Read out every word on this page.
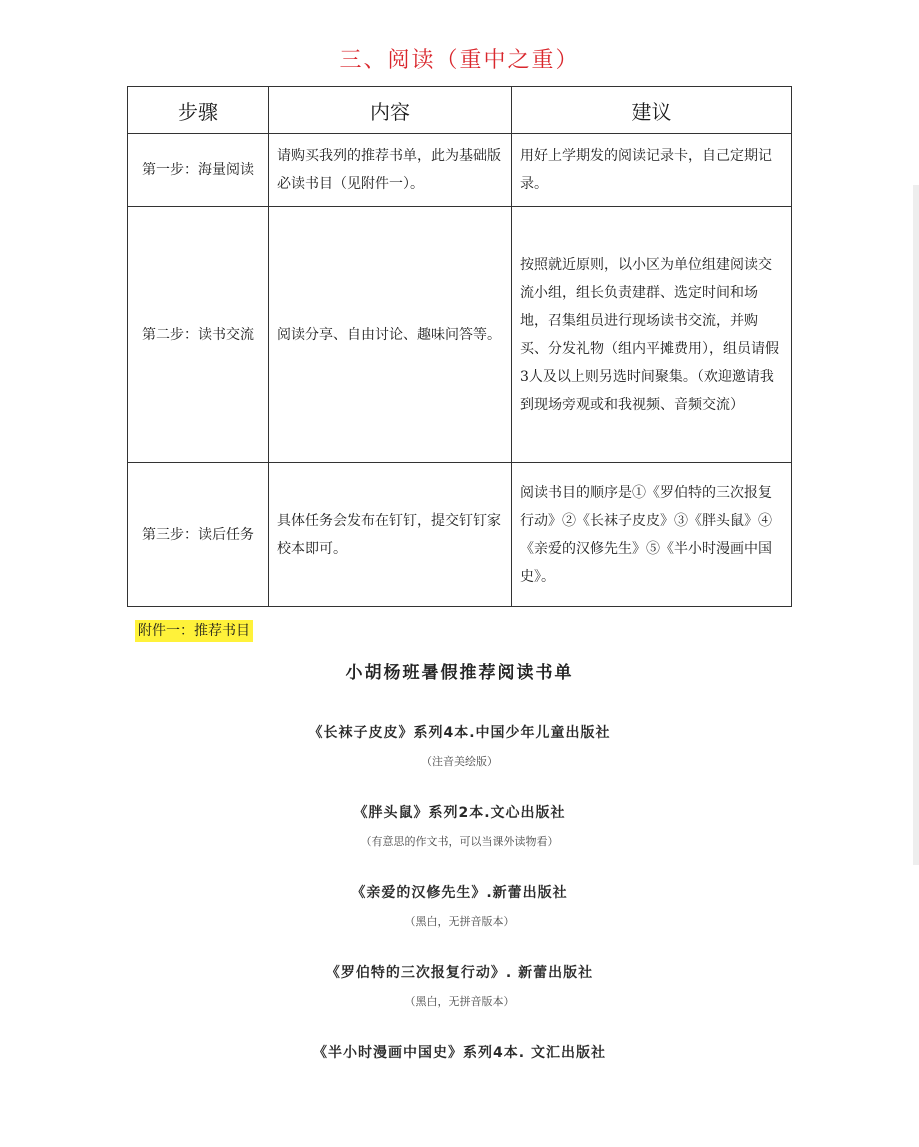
三、阅读（重中之重）
步骤	内容	建议
第一步：海量阅读	请购买我列的推荐书单，此为基础版必读书目（见附件一）。	用好上学期发的阅读记录卡，自己定期记录。
第二步：读书交流	阅读分享、自由讨论、趣味问答等。	按照就近原则，以小区为单位组建阅读交流小组，组长负责建群、选定时间和场地，召集组员进行现场读书交流，并购买、分发礼物（组内平摊费用），组员请假3人及以上则另选时间聚集。（欢迎邀请我到现场旁观或和我视频、音频交流）
第三步：读后任务	具体任务会发布在钉钉，提交钉钉家校本即可。	阅读书目的顺序是①《罗伯特的三次报复行动》②《长袜子皮皮》③《胖头鼠》④《亲爱的汉修先生》⑤《半小时漫画中国史》。
附件一：推荐书目
小胡杨班暑假推荐阅读书单
《长袜子皮皮》系列4本.中国少年儿童出版社
（注音美绘版）
《胖头鼠》系列2本.文心出版社
（有意思的作文书，可以当课外读物看）
《亲爱的汉修先生》.新蕾出版社
（黑白，无拼音版本）
《罗伯特的三次报复行动》. 新蕾出版社
（黑白，无拼音版本）
《半小时漫画中国史》系列4本. 文汇出版社
